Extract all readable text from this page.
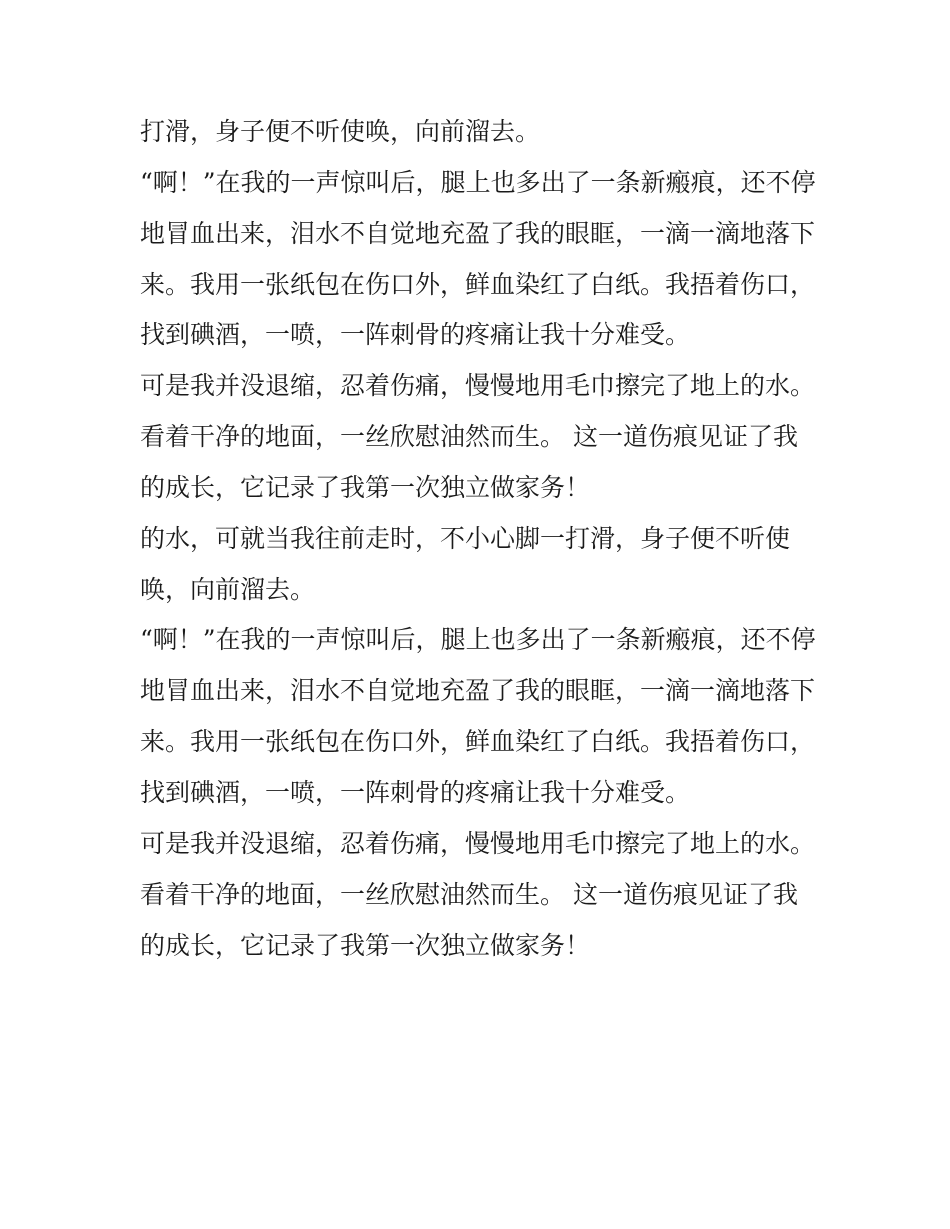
打滑，身子便不听使唤，向前溜去。
“啊！”在我的一声惊叫后，腿上也多出了一条新瘢痕，还不停
地冒血出来，泪水不自觉地充盈了我的眼眶，一滴一滴地落下
来。我用一张纸包在伤口外，鲜血染红了白纸。我捂着伤口，
找到碘酒，一喷，一阵刺骨的疼痛让我十分难受。
可是我并没退缩，忍着伤痛，慢慢地用毛巾擦完了地上的水。
看着干净的地面，一丝欣慰油然而生。 这一道伤痕见证了我
的成长，它记录了我第一次独立做家务！
的水，可就当我往前走时，不小心脚一打滑，身子便不听使
唤，向前溜去。
“啊！”在我的一声惊叫后，腿上也多出了一条新瘢痕，还不停
地冒血出来，泪水不自觉地充盈了我的眼眶，一滴一滴地落下
来。我用一张纸包在伤口外，鲜血染红了白纸。我捂着伤口，
找到碘酒，一喷，一阵刺骨的疼痛让我十分难受。
可是我并没退缩，忍着伤痛，慢慢地用毛巾擦完了地上的水。
看着干净的地面，一丝欣慰油然而生。 这一道伤痕见证了我
的成长，它记录了我第一次独立做家务！
